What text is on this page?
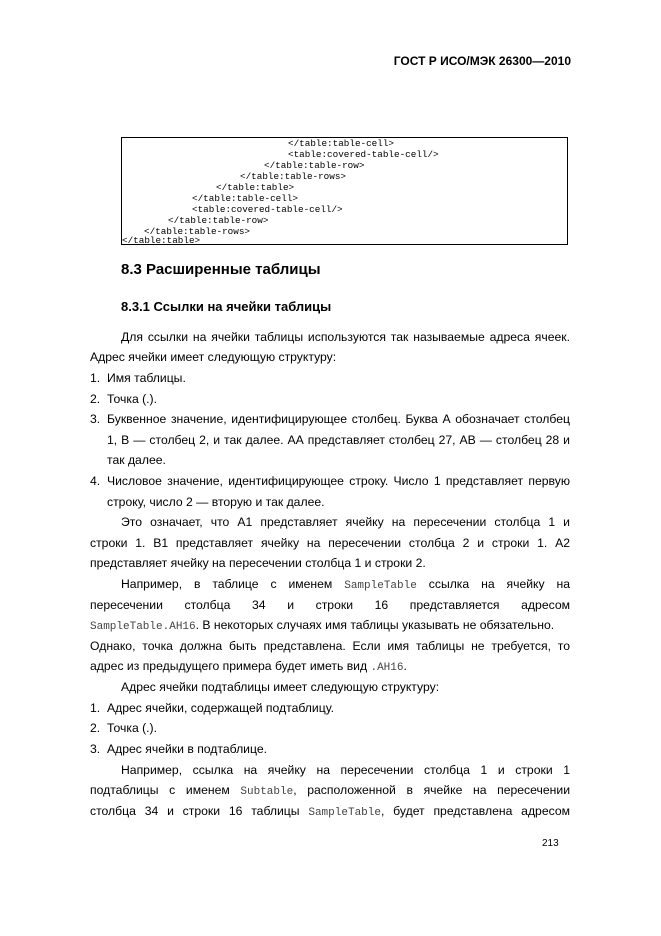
ГОСТ Р ИСО/МЭК 26300—2010
</table:table-cell>
<table:covered-table-cell/>
</table:table-row>
</table:table-rows>
</table:table>
</table:table-cell>
<table:covered-table-cell/>
</table:table-row>
</table:table-rows>
</table:table>
8.3 Расширенные таблицы
8.3.1 Ссылки на ячейки таблицы
Для ссылки на ячейки таблицы используются так называемые адреса ячеек.
Адрес ячейки имеет следующую структуру:
1. Имя таблицы.
2. Точка (.).
3. Буквенное значение, идентифицирующее столбец. Буква А обозначает столбец
1, В — столбец 2, и так далее. АА представляет столбец 27, АВ — столбец 28 и
так далее.
4. Числовое значение, идентифицирующее строку. Число 1 представляет первую
строку, число 2 — вторую и так далее.
Это означает, что А1 представляет ячейку на пересечении столбца 1 и
строки 1. В1 представляет ячейку на пересечении столбца 2 и строки 1. А2
представляет ячейку на пересечении столбца 1 и строки 2.
Например, в таблице с именем SampleTable ссылка на ячейку на
пересечении столбца 34 и строки 16 представляется адресом
SampleTable.AH16. В некоторых случаях имя таблицы указывать не обязательно.
Однако, точка должна быть представлена. Если имя таблицы не требуется, то
адрес из предыдущего примера будет иметь вид .AH16.
Адрес ячейки подтаблицы имеет следующую структуру:
1. Адрес ячейки, содержащей подтаблицу.
2. Точка (.).
3. Адрес ячейки в подтаблице.
Например, ссылка на ячейку на пересечении столбца 1 и строки 1
подтаблицы с именем Subtable, расположенной в ячейке на пересечении
столбца 34 и строки 16 таблицы SampleTable, будет представлена адресом
213
